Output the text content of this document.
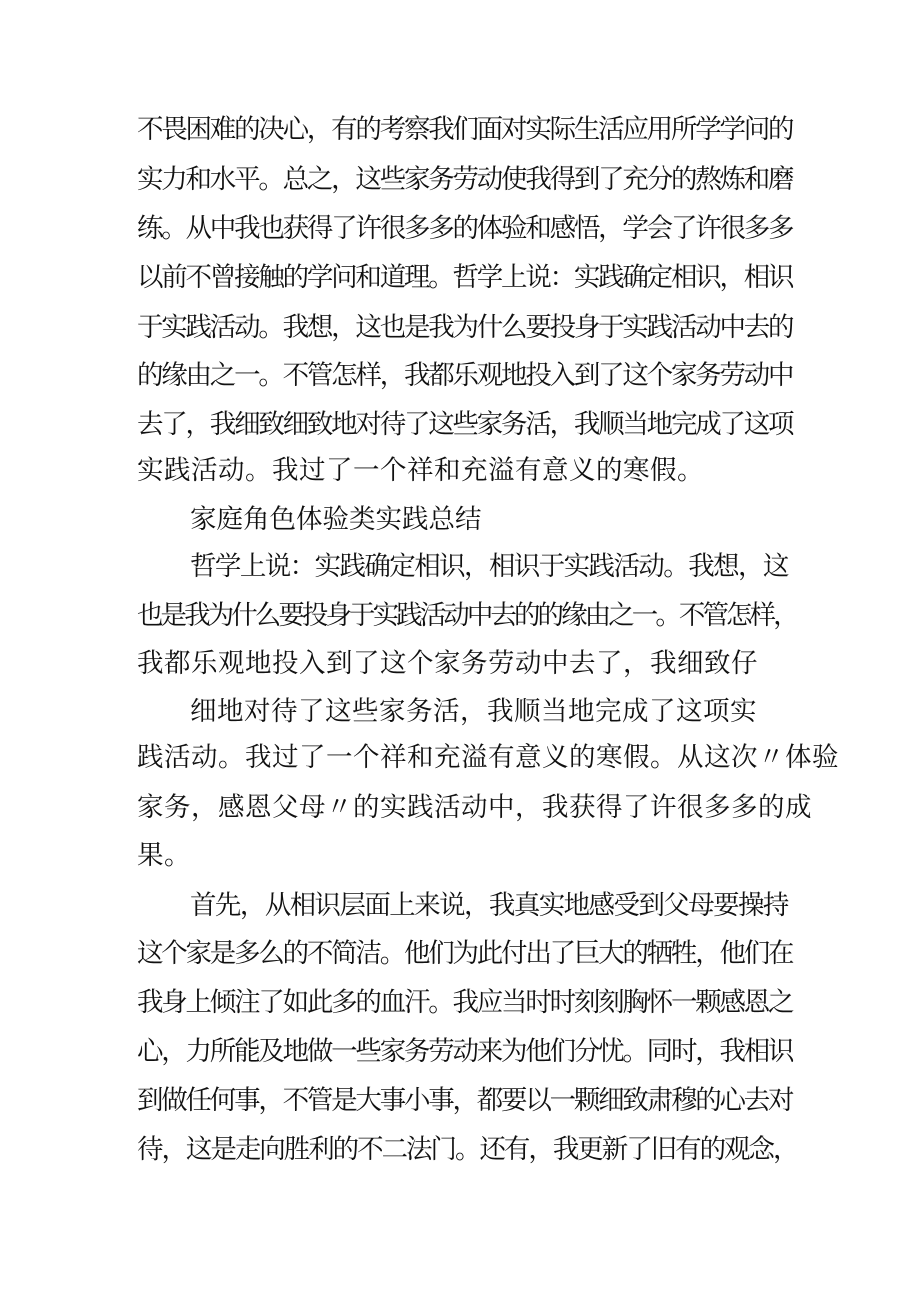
不畏困难的决心，有的考察我们面对实际生活应用所学学问的
实力和水平。总之，这些家务劳动使我得到了充分的熬炼和磨
练。从中我也获得了许很多多的体验和感悟，学会了许很多多
以前不曾接触的学问和道理。哲学上说：实践确定相识，相识
于实践活动。我想，这也是我为什么要投身于实践活动中去的
的缘由之一。不管怎样，我都乐观地投入到了这个家务劳动中
去了，我细致细致地对待了这些家务活，我顺当地完成了这项
实践活动。我过了一个祥和充溢有意义的寒假。
家庭角色体验类实践总结
哲学上说：实践确定相识，相识于实践活动。我想，这
也是我为什么要投身于实践活动中去的的缘由之一。不管怎样，
我都乐观地投入到了这个家务劳动中去了，我细致仔
细地对待了这些家务活，我顺当地完成了这项实
践活动。我过了一个祥和充溢有意义的寒假。从这次〃体验
家务，感恩父母〃的实践活动中，我获得了许很多多的成
果。
首先，从相识层面上来说，我真实地感受到父母要操持
这个家是多么的不简洁。他们为此付出了巨大的牺牲，他们在
我身上倾注了如此多的血汗。我应当时时刻刻胸怀一颗感恩之
心，力所能及地做一些家务劳动来为他们分忧。同时，我相识
到做任何事，不管是大事小事，都要以一颗细致肃穆的心去对
待，这是走向胜利的不二法门。还有，我更新了旧有的观念，
